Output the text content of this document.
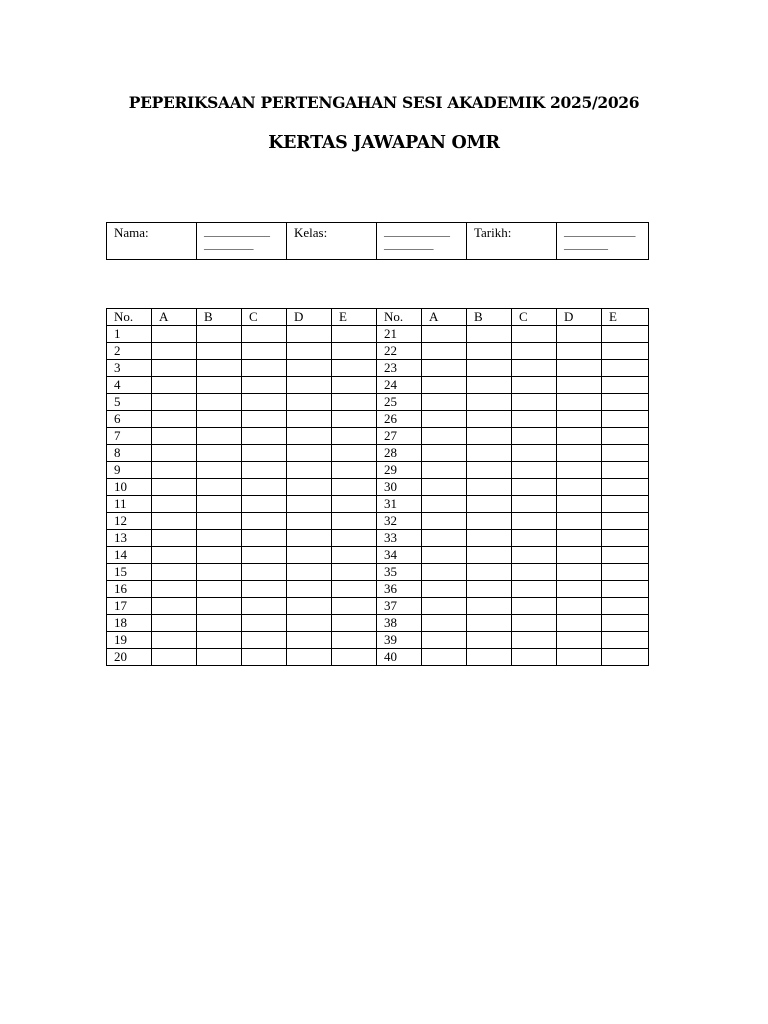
PEPERIKSAAN PERTENGAHAN SESI AKADEMIK 2025/2026
KERTAS JAWAPAN OMR
Nama:	____________
_________
	Kelas:	____________
_________
	Tarikh:	_____________
________
No.	A	B	C	D	E	No.	A	B	C	D	E
1						21					
2						22					
3						23					
4						24					
5						25					
6						26					
7						27					
8						28					
9						29					
10						30					
11						31					
12						32					
13						33					
14						34					
15						35					
16						36					
17						37					
18						38					
19						39					
20						40					
